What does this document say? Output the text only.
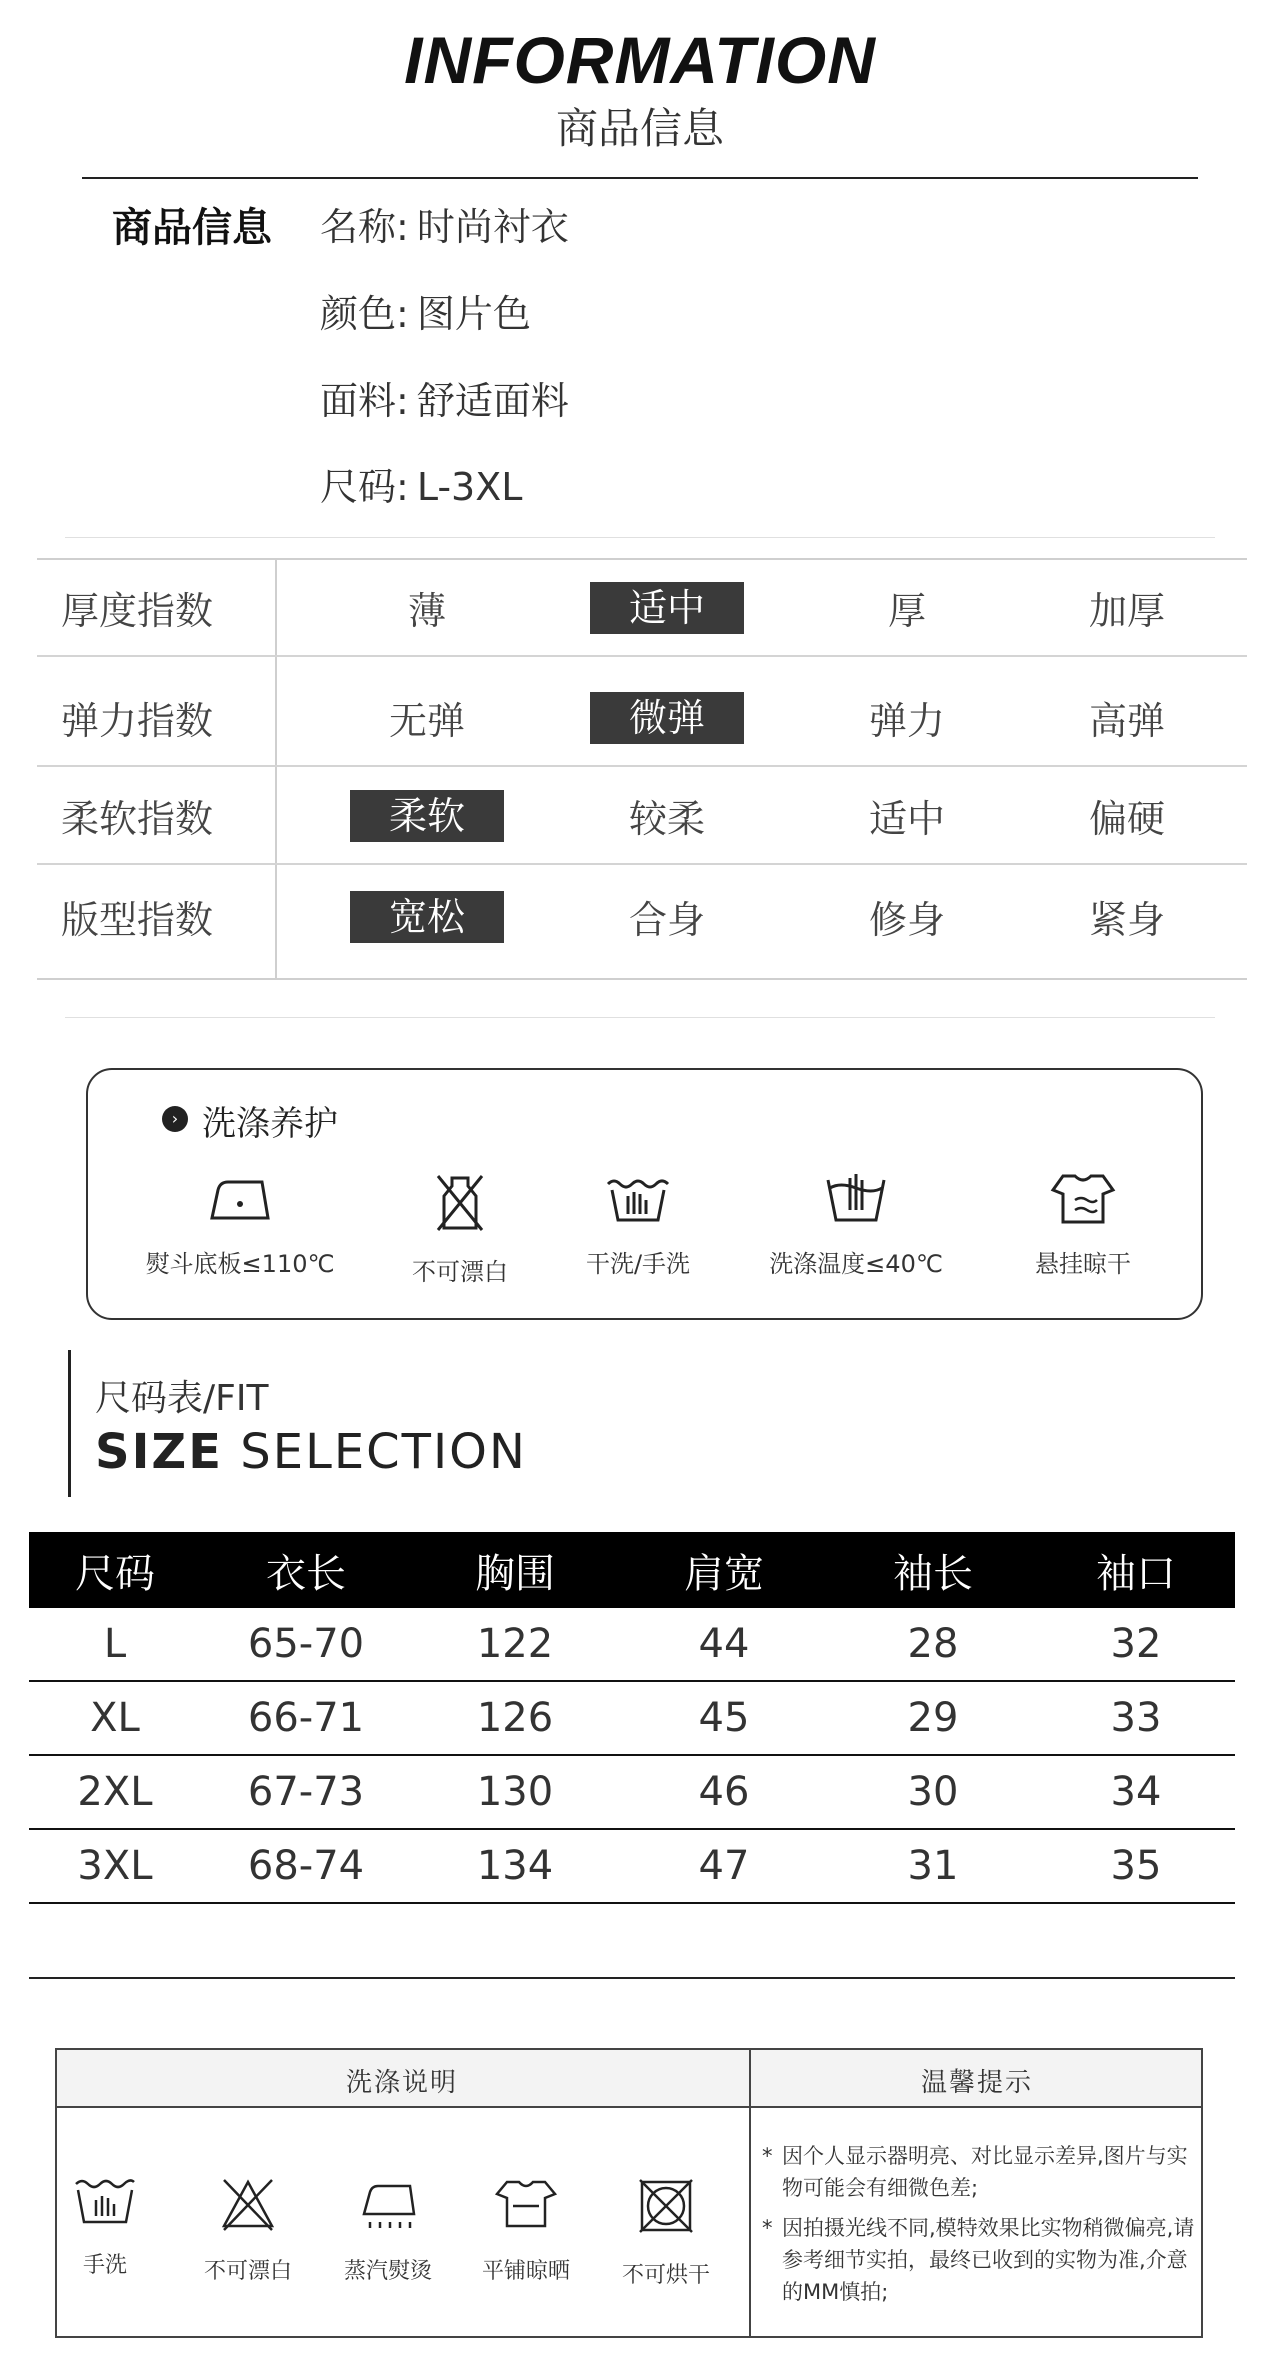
INFORMATION
商品信息
商品信息 名称: 时尚衬衣
颜色: 图片色
面料: 舒适面料
尺码: L-3XL
厚度指数	薄	适中	厚	加厚
弹力指数	无弹	微弹	弹力	高弹
柔软指数	柔软	较柔	适中	偏硬
版型指数	宽松	合身	修身	紧身
› 洗涤养护
熨斗底板≤110℃	不可漂白	干洗/手洗	洗涤温度≤40℃	悬挂晾干
尺码表/FIT
SIZE SELECTION
尺码	衣长	胸围	肩宽	袖长	袖口
L	65-70	122	44	28	32
XL	66-71	126	45	29	33
2XL	67-73	130	46	30	34
3XL	68-74	134	47	31	35
洗涤说明	温馨提示
手洗	不可漂白	蒸汽熨烫	平铺晾晒	不可烘干
* 因个人显示器明亮、对比显示差异,图片与实物可能会有细微色差;
* 因拍摄光线不同,模特效果比实物稍微偏亮,请参考细节实拍，最终已收到的实物为准,介意的MM慎拍;
